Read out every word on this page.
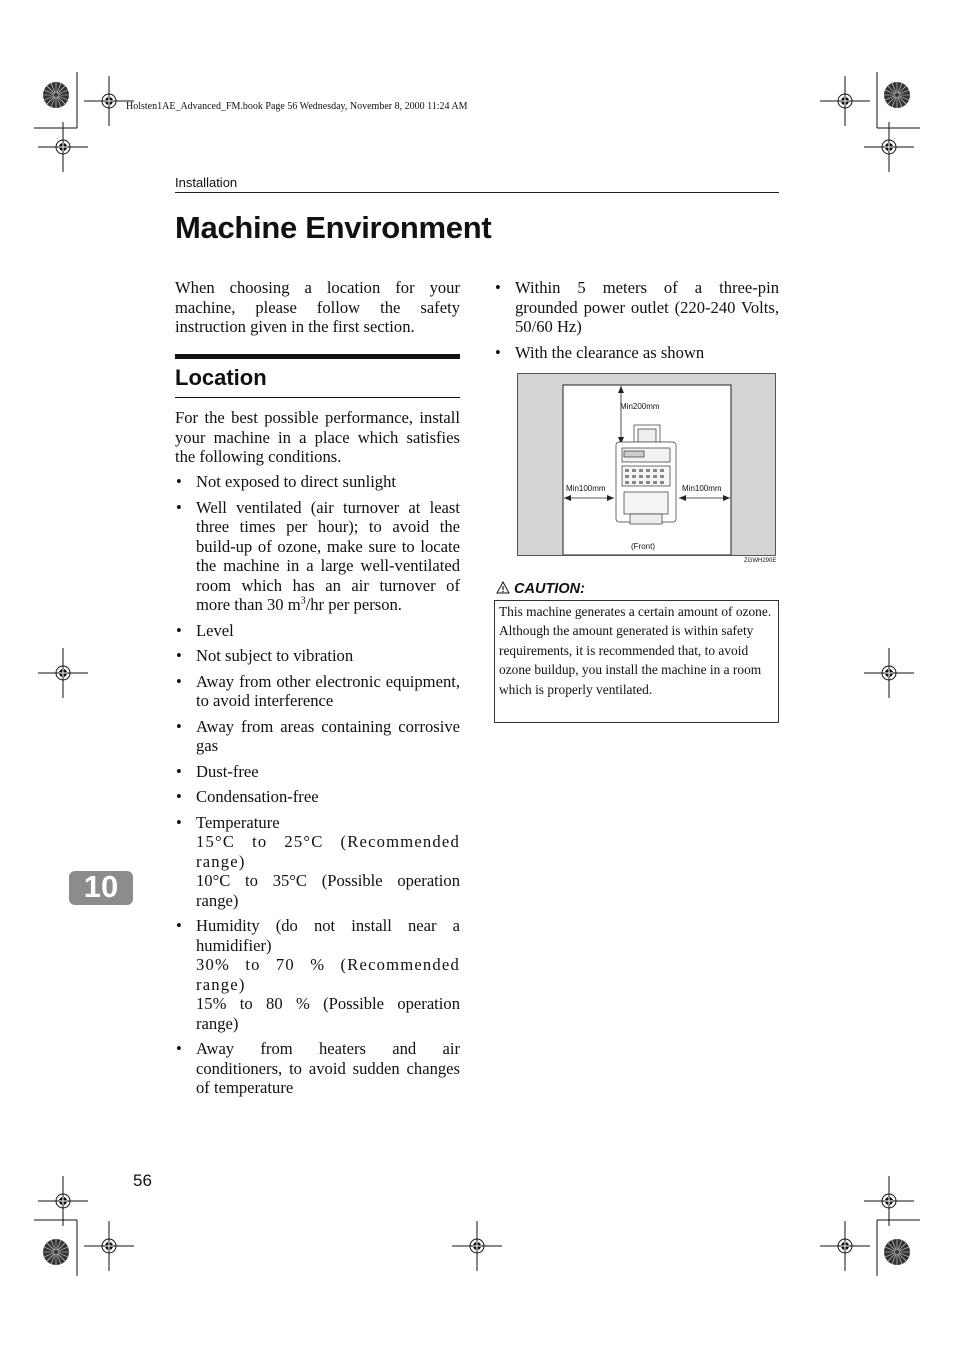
Holsten1AE_Advanced_FM.book Page 56 Wednesday, November 8, 2000 11:24 AM
Installation
Machine Environment
When choosing a location for your machine, please follow the safety instruction given in the first section.
Location
For the best possible performance, install your machine in a place which satisfies the following conditions.
• Not exposed to direct sunlight
• Well ventilated (air turnover at least three times per hour); to avoid the build-up of ozone, make sure to locate the machine in a large well-ventilated room which has an air turnover of more than 30 $m^3/hr$ per person.
• Level
• Not subject to vibration
• Away from other electronic equipment, to avoid interference
• Away from areas containing corrosive gas
• Dust-free
• Condensation-free
• Temperature
15°C to 25°C (Recommended range)
10°C to 35°C (Possible operation range)
• Humidity (do not install near a humidifier)
30% to 70 % (Recommended range)
15% to 80 % (Possible operation range)
• Away from heaters and air conditioners, to avoid sudden changes of temperature
• Within 5 meters of a three-pin grounded power outlet (220-240 Volts, 50/60 Hz)
• With the clearance as shown
Min200mm
Min100mm	Min100mm
(Front)
ZGWH290E
CAUTION:
This machine generates a certain amount of ozone. Although the amount generated is within safety requirements, it is recommended that, to avoid ozone buildup, you install the machine in a room which is properly ventilated.
10
56
